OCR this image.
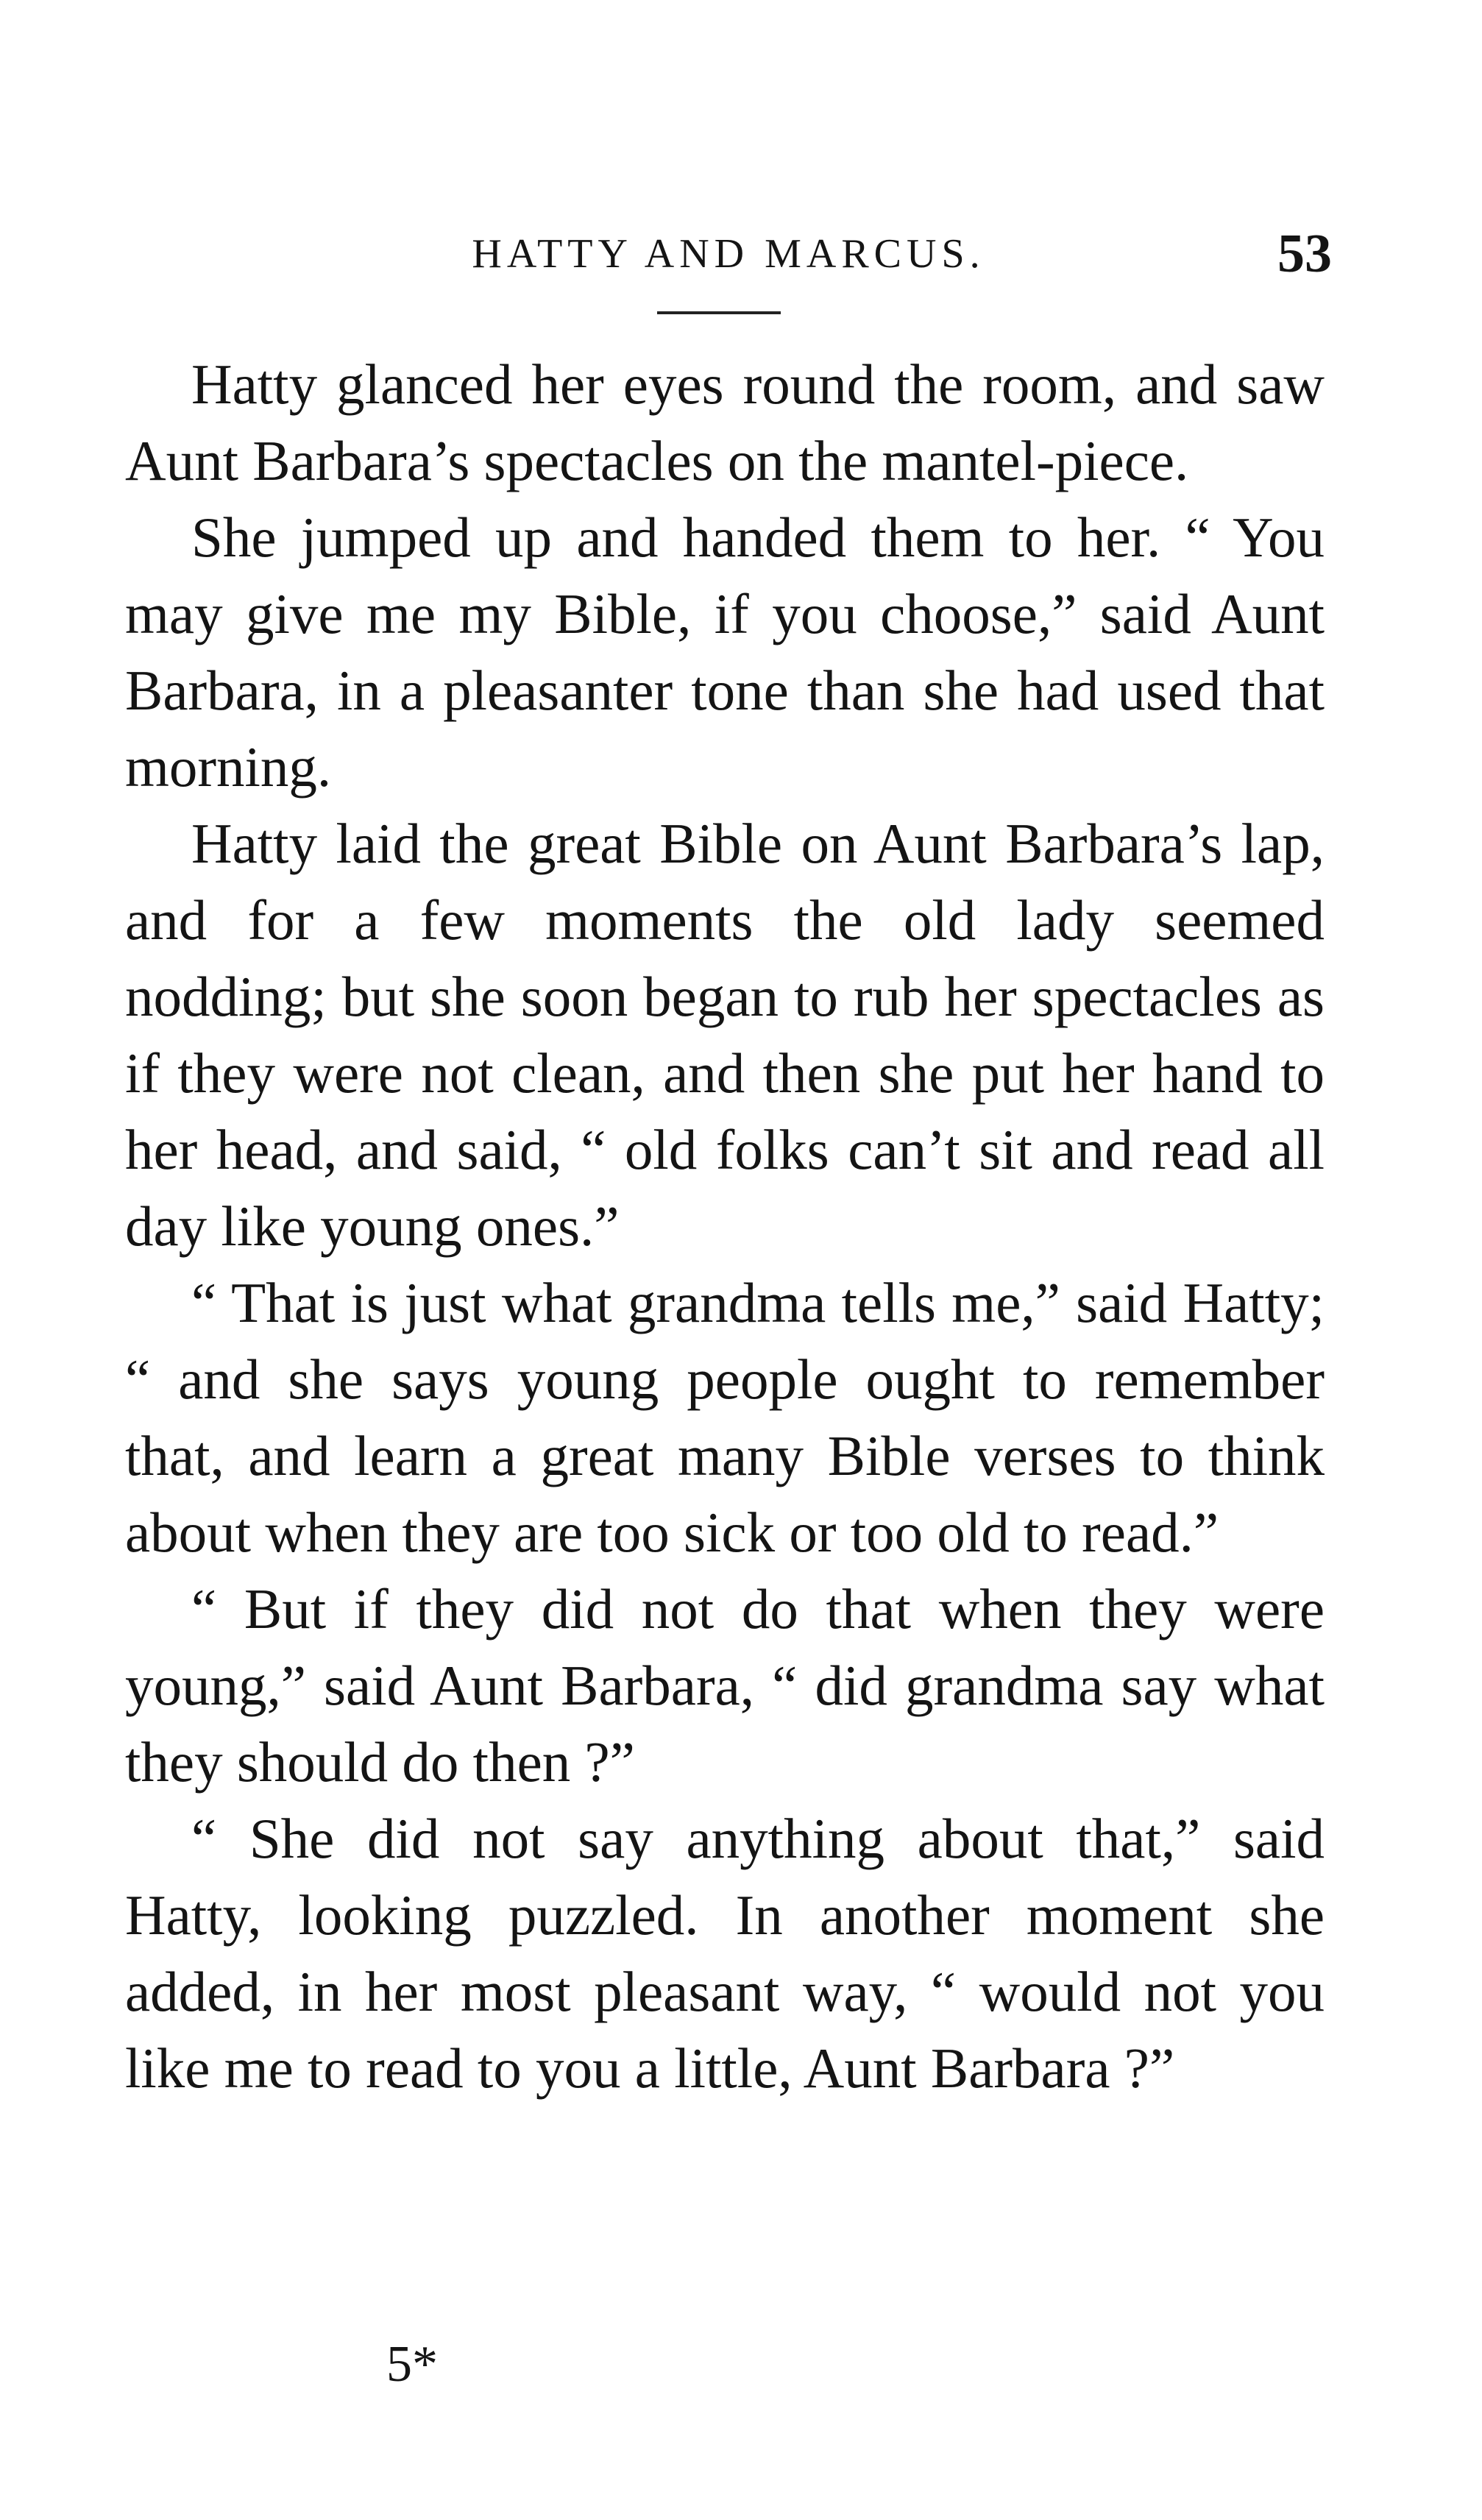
HATTY AND MARCUS.	53

Hatty glanced her eyes round the room, and saw Aunt Barbara’s spectacles on the mantel-piece.

She jumped up and handed them to her. “ You may give me my Bible, if you choose,” said Aunt Barbara, in a pleasanter tone than she had used that morning.

Hatty laid the great Bible on Aunt Barbara’s lap, and for a few moments the old lady seemed nodding; but she soon began to rub her spectacles as if they were not clean, and then she put her hand to her head, and said, “ old folks can’t sit and read all day like young ones.”

“ That is just what grandma tells me,” said Hatty; “ and she says young people ought to remember that, and learn a great many Bible verses to think about when they are too sick or too old to read.”

“ But if they did not do that when they were young,” said Aunt Barbara, “ did grandma say what they should do then ?”

“ She did not say anything about that,” said Hatty, looking puzzled. In another moment she added, in her most pleasant way, “ would not you like me to read to you a little, Aunt Barbara ?”

5*
